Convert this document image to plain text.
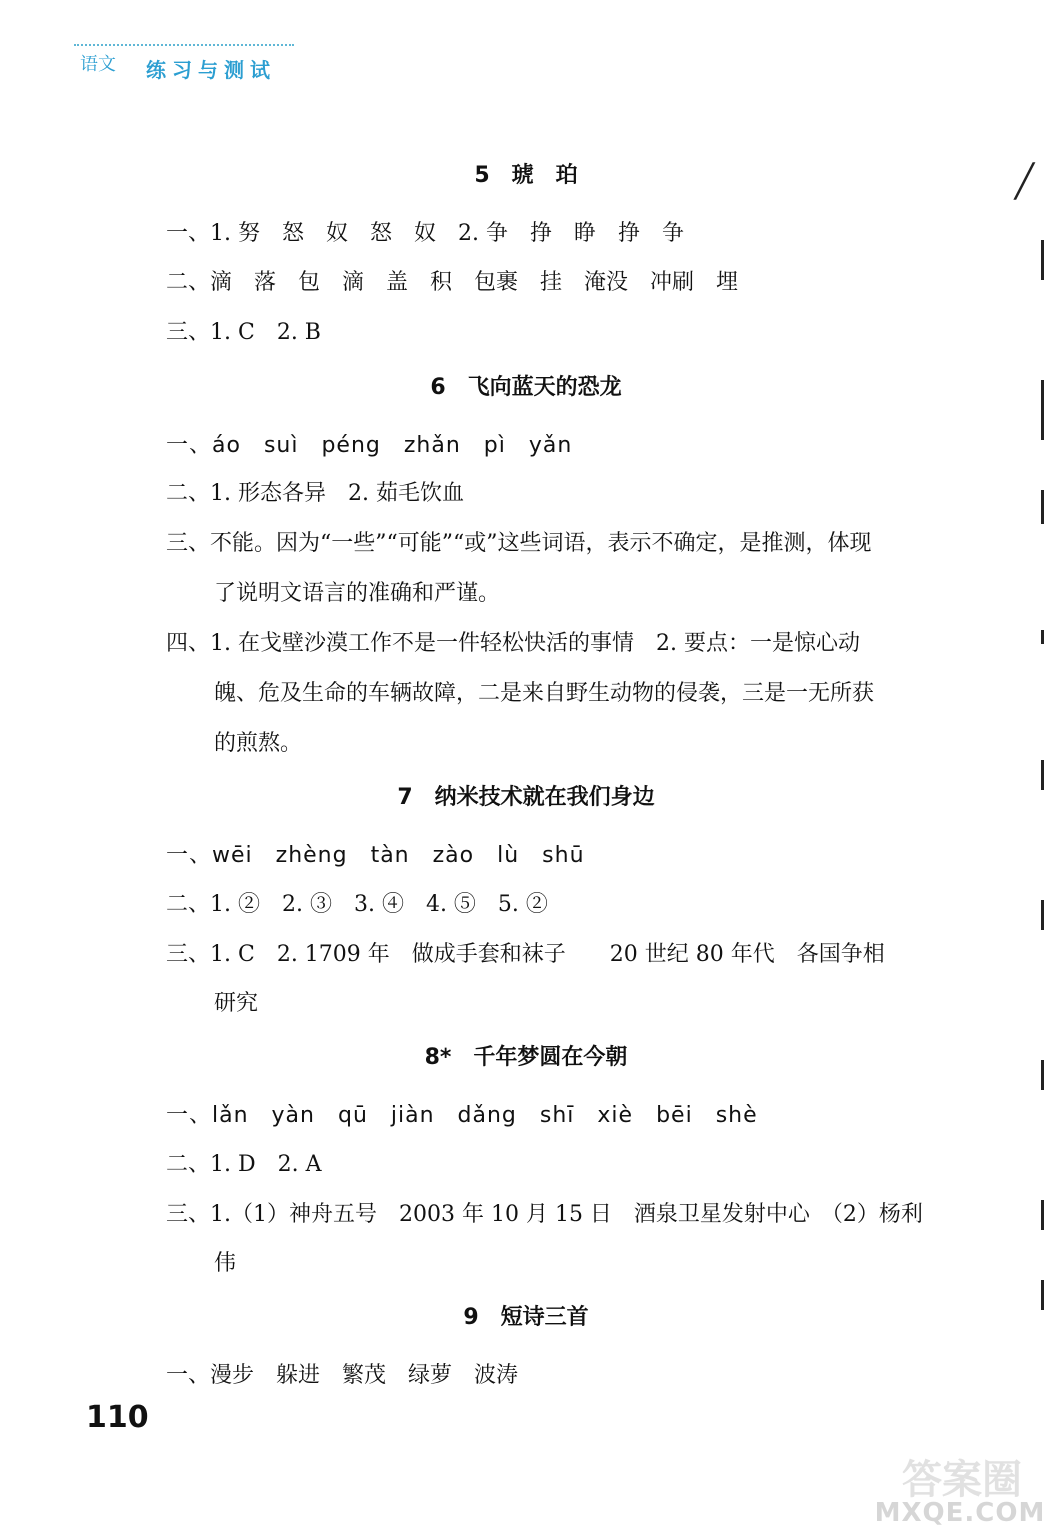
语文 练习与测试
5　琥　珀
一、1. 努　怒　奴　怒　奴　2. 争　挣　睁　挣　争
二、滴　落　包　滴　盖　积　包裹　挂　淹没　冲刷　埋
三、1. C　2. B
6　飞向蓝天的恐龙
一、áo　suì　péng　zhǎn　pì　yǎn
二、1. 形态各异　2. 茹毛饮血
三、不能。因为“一些”“可能”“或”这些词语，表示不确定，是推测，体现
了说明文语言的准确和严谨。
四、1. 在戈壁沙漠工作不是一件轻松快活的事情　2. 要点：一是惊心动
魄、危及生命的车辆故障，二是来自野生动物的侵袭，三是一无所获
的煎熬。
7　纳米技术就在我们身边
一、wēi　zhèng　tàn　zào　lù　shū
二、1. ②　2. ③　3. ④　4. ⑤　5. ②
三、1. C　2. 1709 年　做成手套和袜子　　20 世纪 80 年代　各国争相
研究
8*　千年梦圆在今朝
一、lǎn　yàn　qū　jiàn　dǎng　shī　xiè　bēi　shè
二、1. D　2. A
三、1.（1）神舟五号　2003 年 10 月 15 日　酒泉卫星发射中心　（2）杨利
伟
9　短诗三首
一、漫步　躲进　繁茂　绿萝　波涛
110
╱
答案圈
MXQE.COM
